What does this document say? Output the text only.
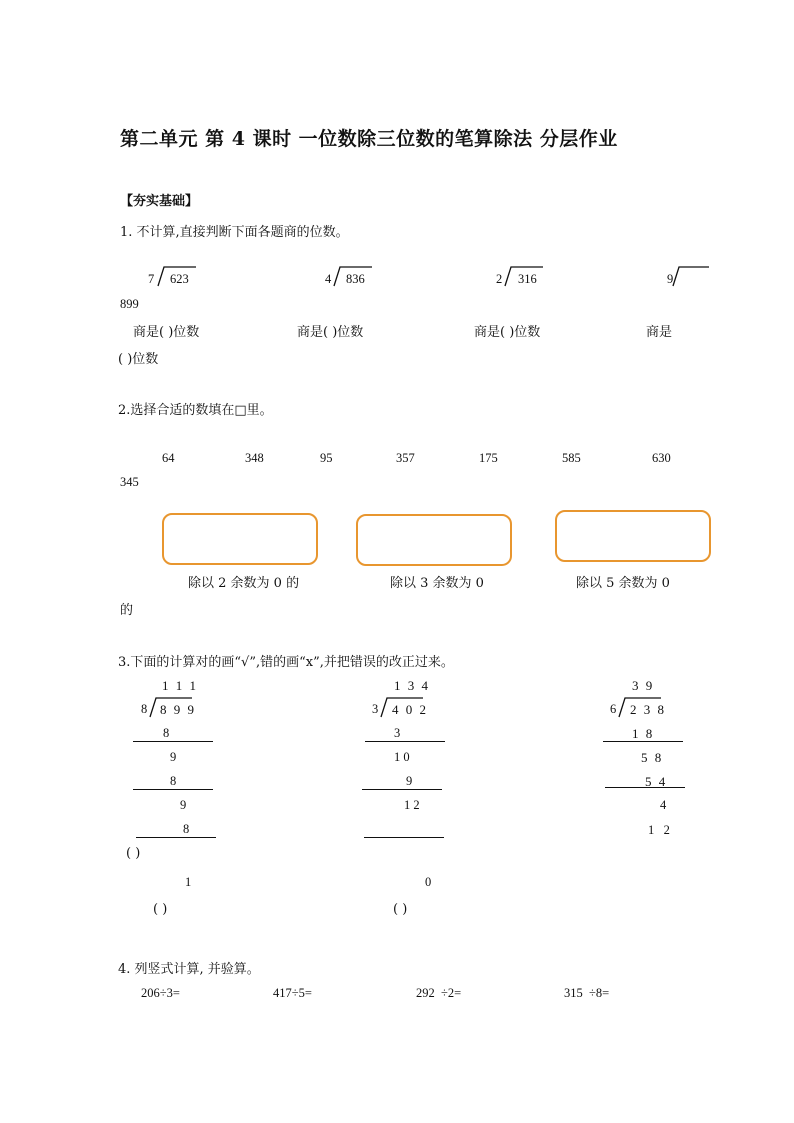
第二单元 第 4 课时 一位数除三位数的笔算除法 分层作业
【夯实基础】
1. 不计算,直接判断下面各题商的位数。
7 623	4 836	2 316	9
899
商是( )位数	商是( )位数	商是( )位数	商是
( )位数
2.选择合适的数填在□里。
64	348	95	357	175	585	630
345
除以 2 余数为 0 的	除以 3 余数为 0	除以 5 余数为 0
的
3.下面的计算对的画“√”,错的画“x”,并把错误的改正过来。
1 1 1
8 8 9 9
8
9
8
9
8
( )
1
( )
1 3 4
3 4 0 2
3
1 0
9
1 2
0
( )
3 9
6 2 3 8
1 8
5 8
5 4
4
1   2
4. 列竖式计算, 并验算。
206÷3=	417÷5=	292  ÷2=	315  ÷8=
